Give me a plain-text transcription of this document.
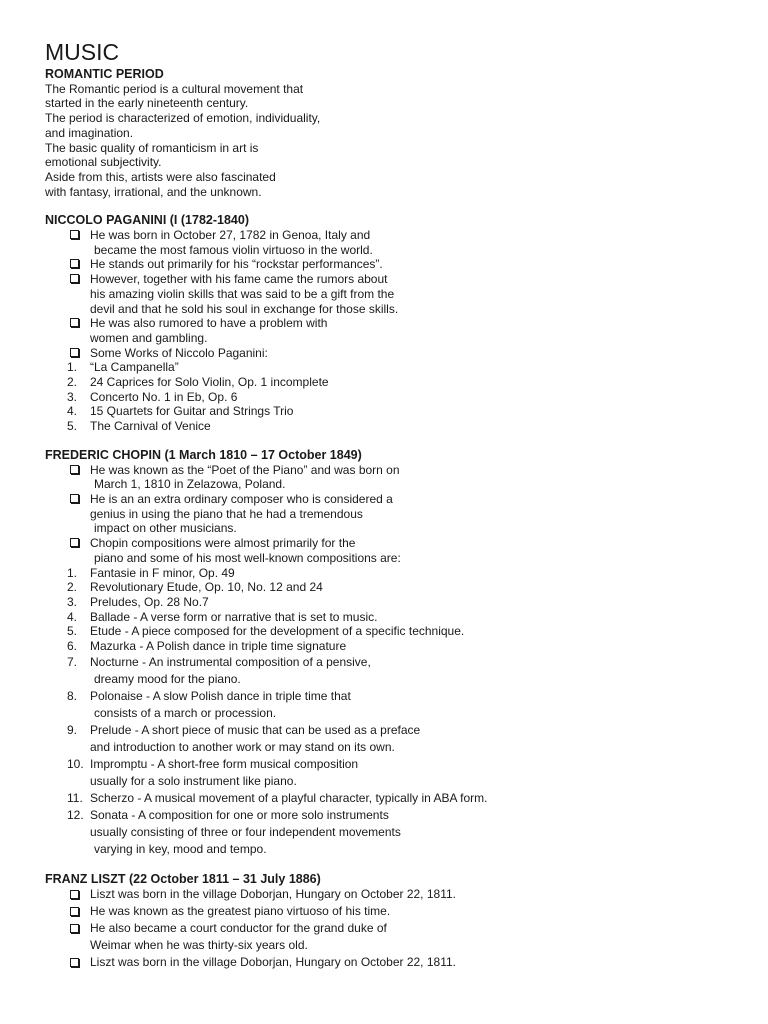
MUSIC

ROMANTIC PERIOD

The Romantic period is a cultural movement that

started in the early nineteenth century.

The period is characterized of emotion, individuality,

and imagination.

The basic quality of romanticism in art is

emotional subjectivity.

Aside from this, artists were also fascinated

with fantasy, irrational, and the unknown.

NICCOLO PAGANINI (I (1782-1840)

He was born in October 27, 1782 in Genoa, Italy and
became the most famous violin virtuoso in the world.
He stands out primarily for his “rockstar performances”.
However, together with his fame came the rumors about
his amazing violin skills that was said to be a gift from the
devil and that he sold his soul in exchange for those skills.
He was also rumored to have a problem with
women and gambling.
Some Works of Niccolo Paganini:
1. “La Campanella”
2. 24 Caprices for Solo Violin, Op. 1 incomplete
3. Concerto No. 1 in Eb, Op. 6
4. 15 Quartets for Guitar and Strings Trio
5. The Carnival of Venice

FREDERIC CHOPIN (1 March 1810 – 17 October 1849)

He was known as the “Poet of the Piano” and was born on
March 1, 1810 in Zelazowa, Poland.
He is an an extra ordinary composer who is considered a
genius in using the piano that he had a tremendous
impact on other musicians.
Chopin compositions were almost primarily for the
piano and some of his most well-known compositions are:
1. Fantasie in F minor, Op. 49
2. Revolutionary Etude, Op. 10, No. 12 and 24
3. Preludes, Op. 28 No.7
4. Ballade - A verse form or narrative that is set to music.
5. Etude - A piece composed for the development of a specific technique.
6. Mazurka - A Polish dance in triple time signature
7. Nocturne - An instrumental composition of a pensive,
dreamy mood for the piano.
8. Polonaise - A slow Polish dance in triple time that
consists of a march or procession.
9. Prelude - A short piece of music that can be used as a preface
and introduction to another work or may stand on its own.
10. Impromptu - A short-free form musical composition
usually for a solo instrument like piano.
11. Scherzo - A musical movement of a playful character, typically in ABA form.
12. Sonata - A composition for one or more solo instruments
usually consisting of three or four independent movements
varying in key, mood and tempo.

FRANZ LISZT (22 October 1811 – 31 July 1886)

Liszt was born in the village Doborjan, Hungary on October 22, 1811.
He was known as the greatest piano virtuoso of his time.
He also became a court conductor for the grand duke of
Weimar when he was thirty-six years old.
Liszt was born in the village Doborjan, Hungary on October 22, 1811.
